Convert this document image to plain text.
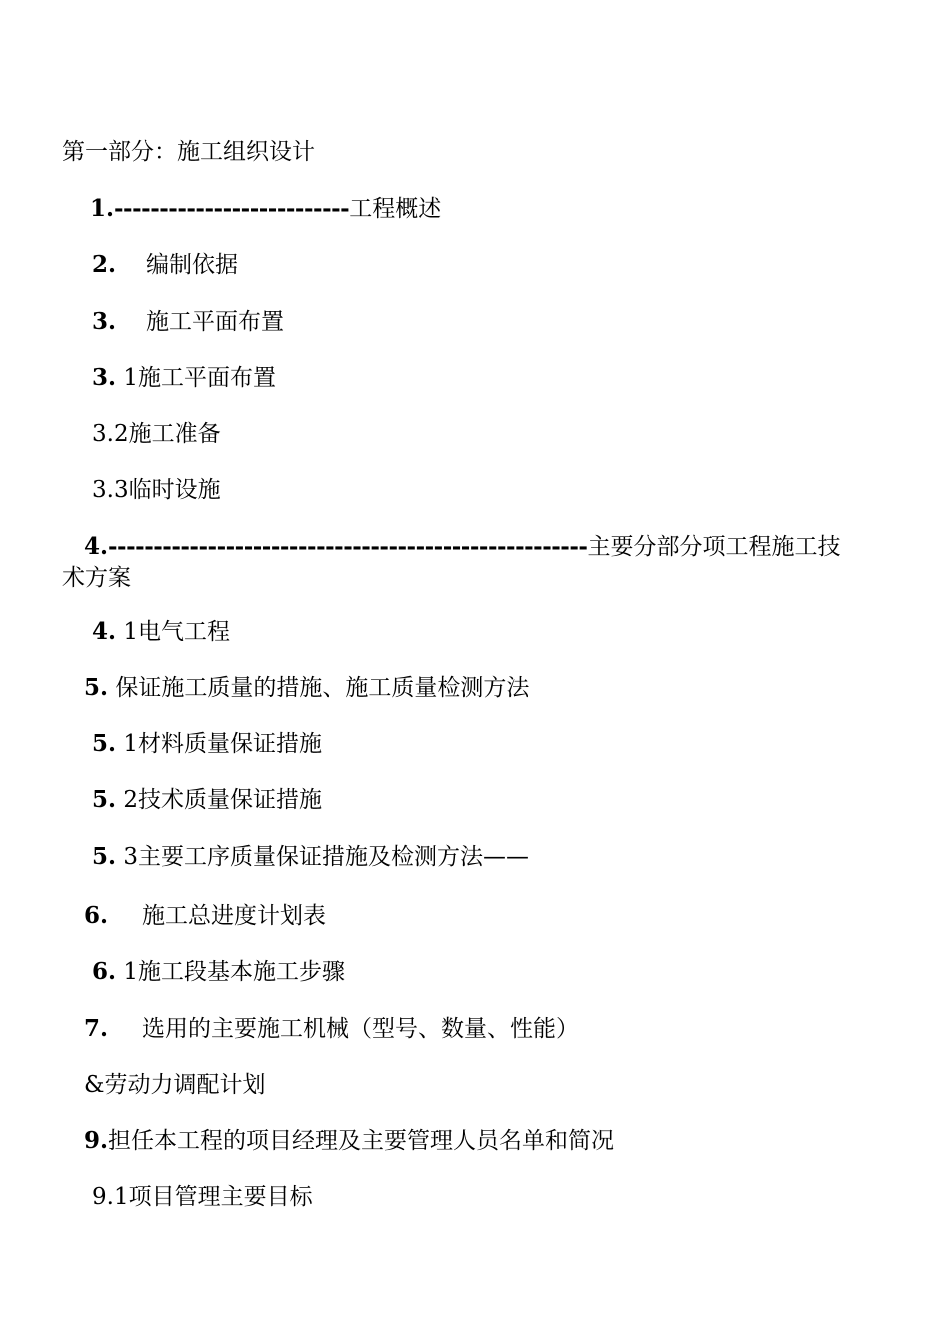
第一部分：施工组织设计
1.--------------------------工程概述
2. 编制依据
3. 施工平面布置
3. 1施工平面布置
3.2施工准备
3.3临时设施
4.-----------------------------------------------------主要分部分项工程施工技
术方案
4. 1电气工程
5. 保证施工质量的措施、施工质量检测方法
5. 1材料质量保证措施
5. 2技术质量保证措施
5. 3主要工序质量保证措施及检测方法——
6. 施工总进度计划表
6. 1施工段基本施工步骤
7. 选用的主要施工机械（型号、数量、性能）
&劳动力调配计划
9.担任本工程的项目经理及主要管理人员名单和简况
9.1项目管理主要目标
